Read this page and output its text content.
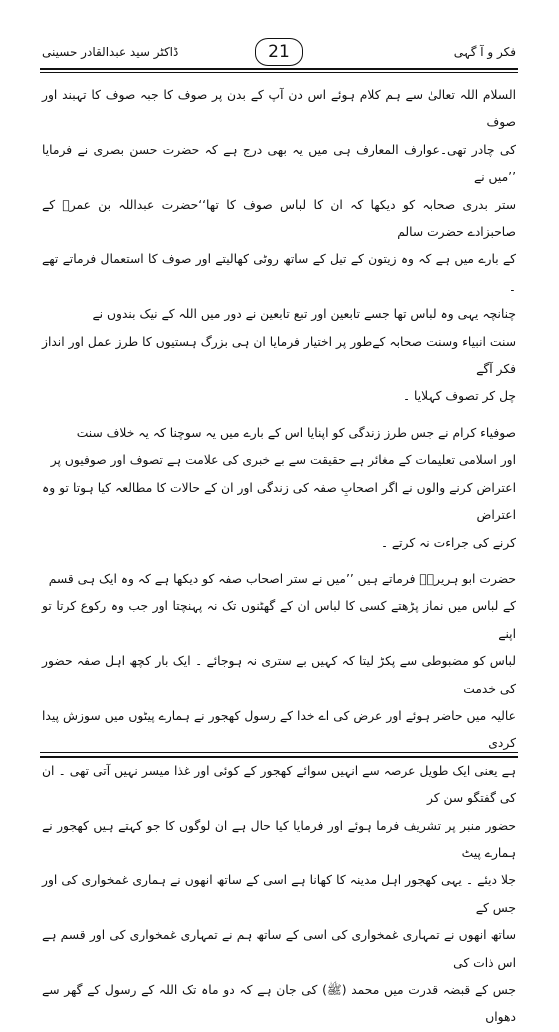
ڈاکٹر سید عبدالقادر حسینی	21	فکر و آ گہی

السلام اللہ تعالیٰ سے ہم کلام ہوئے اس دن آپ کے بدن پر صوف کا جبہ صوف کا تہبند اور صوف
کی چادر تھی۔عوارف المعارف ہی میں یہ بھی درج ہے کہ حضرت حسن بصری نے فرمایا ’’میں نے
ستر بدری صحابہ کو دیکھا کہ ان کا لباس صوف کا تھا‘‘حضرت عبداللہ بن عمرؓ کے صاحبزادے حضرت سالم
کے بارے میں ہے کہ وہ زیتون کے تیل کے ساتھ روٹی کھالیتے اور صوف کا استعمال فرماتے تھے ۔

چنانچہ یہی وہ لباس تھا جسے تابعین اور تبع تابعین نے دور میں اللہ کے نیک بندوں نے
سنت انبیاء وسنت صحابہ کےطور پر اختیار فرمایا ان ہی بزرگ ہستیوں کا طرز عمل اور انداز فکر آگے
چل کر تصوف کہلایا ۔

صوفیاء کرام نے جس طرز زندگی کو اپنایا اس کے بارے میں یہ سوچنا کہ یہ خلاف سنت
اور اسلامی تعلیمات کے مغائر ہے حقیقت سے بے خبری کی علامت ہے تصوف اور صوفیوں پر
اعتراض کرنے والوں نے اگر اصحابِ صفہ کی زندگی اور ان کے حالات کا مطالعہ کیا ہوتا تو وہ اعتراض
کرنے کی جراءت نہ کرتے ۔

حضرت ابو ہریرہؓ فرماتے ہیں ’’میں نے ستر اصحاب صفہ کو دیکھا ہے کہ وہ ایک ہی قسم
کے لباس میں نماز پڑھتے کسی کا لباس ان کے گھٹنوں تک نہ پہنچتا اور جب وہ رکوع کرتا تو اپنے
لباس کو مضبوطی سے پکڑ لیتا کہ کہیں بے ستری نہ ہوجائے ۔ ایک بار کچھ اہل صفہ حضور کی خدمت
عالیہ میں حاضر ہوئے اور عرض کی اے خدا کے رسول کھجور نے ہمارے پیٹوں میں سوزش پیدا کردی
ہے یعنی ایک طویل عرصہ سے انہیں سوائے کھجور کے کوئی اور غذا میسر نہیں آتی تھی ۔ ان کی گفتگو سن کر
حضور منبر پر تشریف فرما ہوئے اور فرمایا کیا حال ہے ان لوگوں کا جو کہتے ہیں کھجور نے ہمارے پیٹ
جلا دیئے ۔ یہی کھجور اہل مدینہ کا کھانا ہے اسی کے ساتھ انھوں نے ہماری غمخواری کی اور جس کے
ساتھ انھوں نے تمہاری غمخواری کی اسی کے ساتھ ہم نے تمہاری غمخواری کی اور قسم ہے اس ذات کی
جس کے قبضہ قدرت میں محمد (ﷺ) کی جان ہے کہ دو ماہ تک اللہ کے رسول کے گھر سے دھواں
